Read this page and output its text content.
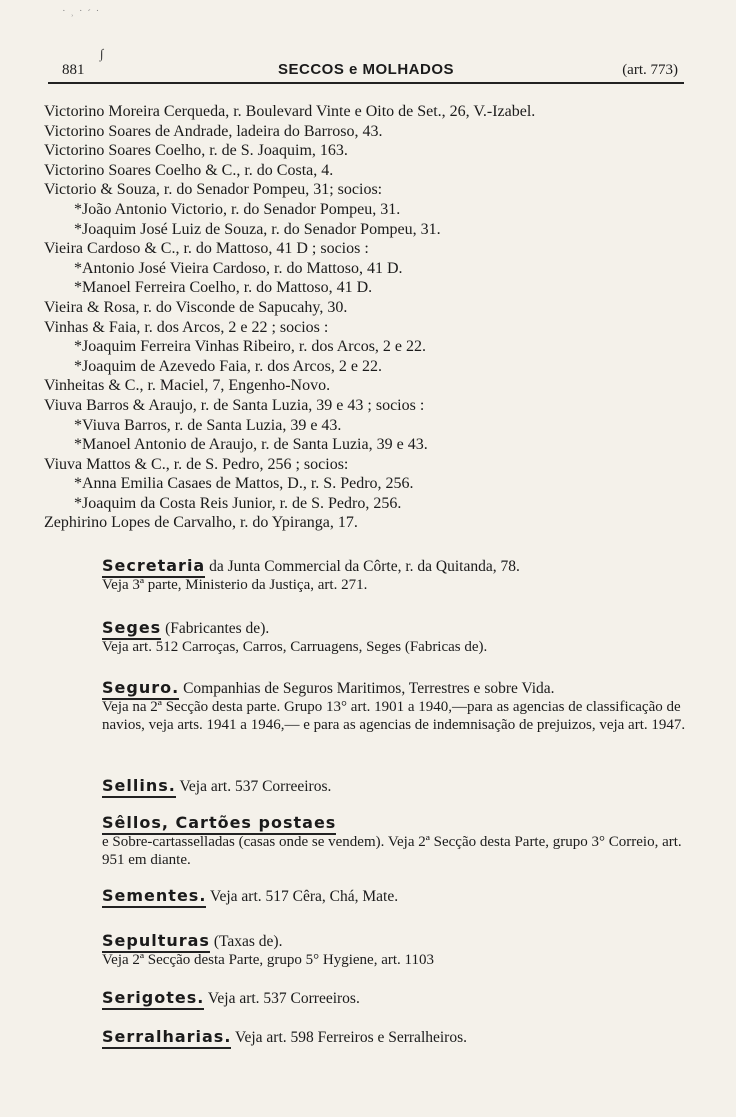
˙ ˒ ˙ ˊ ˙
∫
881	SECCOS e MOLHADOS	(art. 773)
Victorino Moreira Cerqueda, r. Boulevard Vinte e Oito de Set., 26, V.-Izabel.
Victorino Soares de Andrade, ladeira do Barroso, 43.
Victorino Soares Coelho, r. de S. Joaquim, 163.
Victorino Soares Coelho & C., r. do Costa, 4.
Victorio & Souza, r. do Senador Pompeu, 31; socios:
*João Antonio Victorio, r. do Senador Pompeu, 31.
*Joaquim José Luiz de Souza, r. do Senador Pompeu, 31.
Vieira Cardoso & C., r. do Mattoso, 41 D ; socios :
*Antonio José Vieira Cardoso, r. do Mattoso, 41 D.
*Manoel Ferreira Coelho, r. do Mattoso, 41 D.
Vieira & Rosa, r. do Visconde de Sapucahy, 30.
Vinhas & Faia, r. dos Arcos, 2 e 22 ; socios :
*Joaquim Ferreira Vinhas Ribeiro, r. dos Arcos, 2 e 22.
*Joaquim de Azevedo Faia, r. dos Arcos, 2 e 22.
Vinheitas & C., r. Maciel, 7, Engenho-Novo.
Viuva Barros & Araujo, r. de Santa Luzia, 39 e 43 ; socios :
*Viuva Barros, r. de Santa Luzia, 39 e 43.
*Manoel Antonio de Araujo, r. de Santa Luzia, 39 e 43.
Viuva Mattos & C., r. de S. Pedro, 256 ; socios:
*Anna Emilia Casaes de Mattos, D., r. S. Pedro, 256.
*Joaquim da Costa Reis Junior, r. de S. Pedro, 256.
Zephirino Lopes de Carvalho, r. do Ypiranga, 17.
Secretaria da Junta Commercial da Côrte, r. da Quitanda, 78.
Veja 3ª parte, Ministerio da Justiça, art. 271.
Seges (Fabricantes de).
Veja art. 512 Carroças, Carros, Carruagens, Seges (Fabricas de).
Seguro. Companhias de Seguros Maritimos, Terrestres e sobre Vida.
Veja na 2ª Secção desta parte. Grupo 13° art. 1901 a 1940,—para as agencias de classificação de navios, veja arts. 1941 a 1946,— e para as agencias de indemnisação de prejuizos, veja art. 1947.
Sellins. Veja art. 537 Correeiros.
Sêllos, Cartões postaes
e Sobre-cartasselladas (casas onde se vendem). Veja 2ª Secção desta Parte, grupo 3° Correio, art. 951 em diante.
Sementes. Veja art. 517 Cêra, Chá, Mate.
Sepulturas (Taxas de).
Veja 2ª Secção desta Parte, grupo 5° Hygiene, art. 1103
Serigotes. Veja art. 537 Correeiros.
Serralharias. Veja art. 598 Ferreiros e Serralheiros.
